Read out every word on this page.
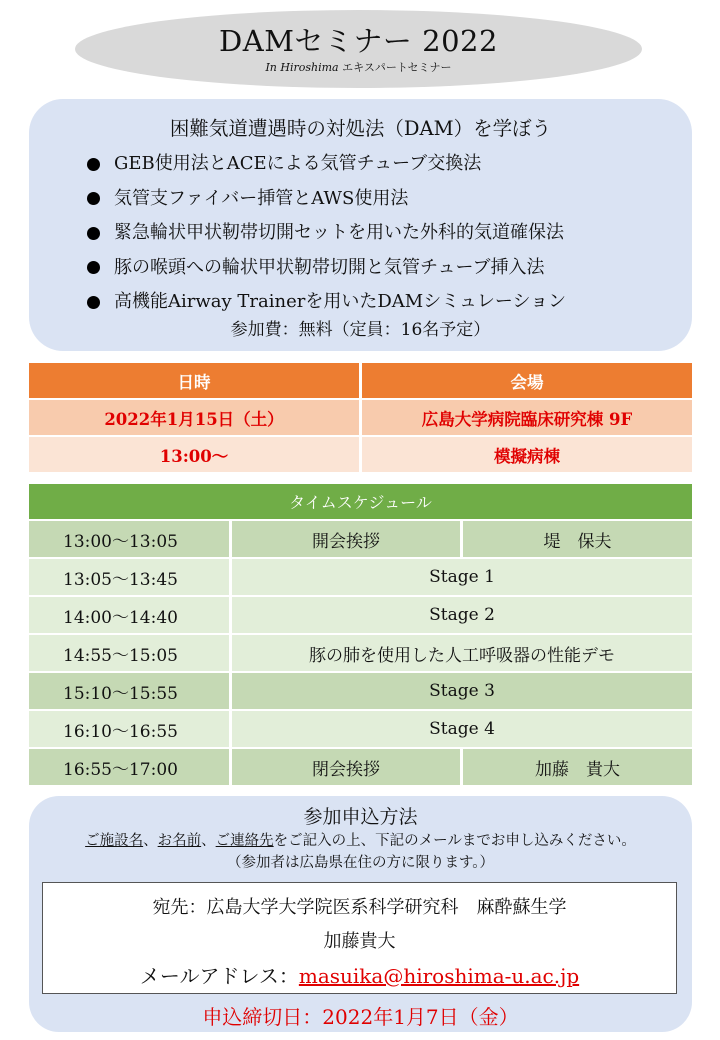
DAMセミナー 2022
In Hiroshima エキスパートセミナー
困難気道遭遇時の対処法（DAM）を学ぼう
GEB使用法とACEによる気管チューブ交換法
気管支ファイバー挿管とAWS使用法
緊急輪状甲状靭帯切開セットを用いた外科的気道確保法
豚の喉頭への輪状甲状靭帯切開と気管チューブ挿入法
高機能Airway Trainerを用いたDAMシミュレーション
参加費：無料（定員：16名予定）
日時	会場
2022年1月15日（土）	広島大学病院臨床研究棟 9F
13:00〜	模擬病棟
タイムスケジュール
13:00〜13:05	開会挨拶	堤　保夫
13:05〜13:45	Stage 1
14:00〜14:40	Stage 2
14:55〜15:05	豚の肺を使用した人工呼吸器の性能デモ
15:10〜15:55	Stage 3
16:10〜16:55	Stage 4
16:55〜17:00	閉会挨拶	加藤　貴大
参加申込方法
ご施設名、お名前、ご連絡先をご記入の上、下記のメールまでお申し込みください。
（参加者は広島県在住の方に限ります。）
宛先：広島大学大学院医系科学研究科　麻酔蘇生学
加藤貴大
メールアドレス：masuika@hiroshima-u.ac.jp
申込締切日：2022年1月7日（金）
